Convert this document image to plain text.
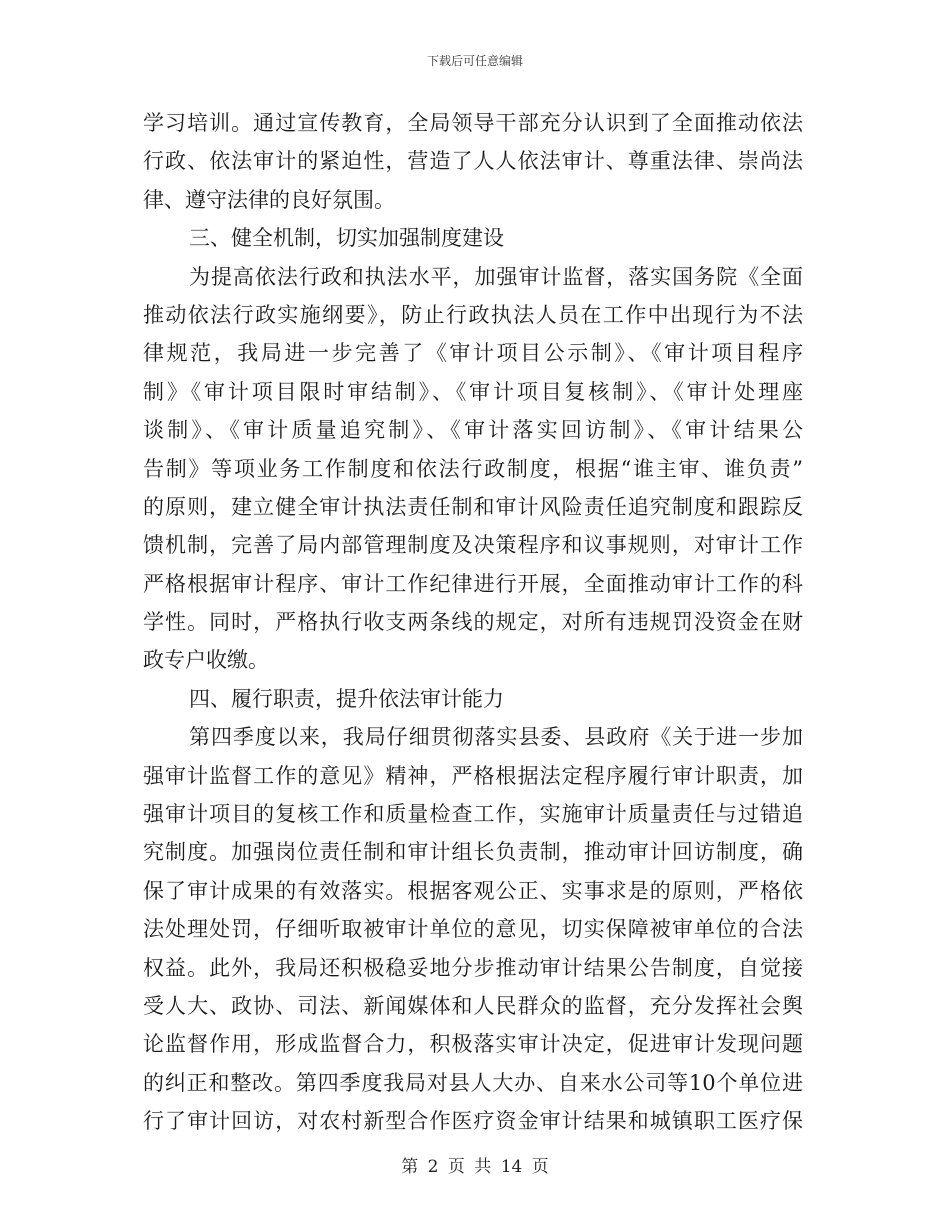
下载后可任意编辑
学习培训。通过宣传教育，全局领导干部充分认识到了全面推动依法
行政、依法审计的紧迫性，营造了人人依法审计、尊重法律、崇尚法
律、遵守法律的良好氛围。
三、健全机制，切实加强制度建设
为提高依法行政和执法水平，加强审计监督，落实国务院《全面
推动依法行政实施纲要》，防止行政执法人员在工作中出现行为不法
律规范，我局进一步完善了《审计项目公示制》、《审计项目程序
制》《审计项目限时审结制》、《审计项目复核制》、《审计处理座
谈制》、《审计质量追究制》、《审计落实回访制》、《审计结果公
告制》等项业务工作制度和依法行政制度，根据“谁主审、谁负责”
的原则，建立健全审计执法责任制和审计风险责任追究制度和跟踪反
馈机制，完善了局内部管理制度及决策程序和议事规则，对审计工作
严格根据审计程序、审计工作纪律进行开展，全面推动审计工作的科
学性。同时，严格执行收支两条线的规定，对所有违规罚没资金在财
政专户收缴。
四、履行职责，提升依法审计能力
第四季度以来，我局仔细贯彻落实县委、县政府《关于进一步加
强审计监督工作的意见》精神，严格根据法定程序履行审计职责，加
强审计项目的复核工作和质量检查工作，实施审计质量责任与过错追
究制度。加强岗位责任制和审计组长负责制，推动审计回访制度，确
保了审计成果的有效落实。根据客观公正、实事求是的原则，严格依
法处理处罚，仔细听取被审计单位的意见，切实保障被审单位的合法
权益。此外，我局还积极稳妥地分步推动审计结果公告制度，自觉接
受人大、政协、司法、新闻媒体和人民群众的监督，充分发挥社会舆
论监督作用，形成监督合力，积极落实审计决定，促进审计发现问题
的纠正和整改。第四季度我局对县人大办、自来水公司等10个单位进
行了审计回访，对农村新型合作医疗资金审计结果和城镇职工医疗保
第 2 页 共 14 页
